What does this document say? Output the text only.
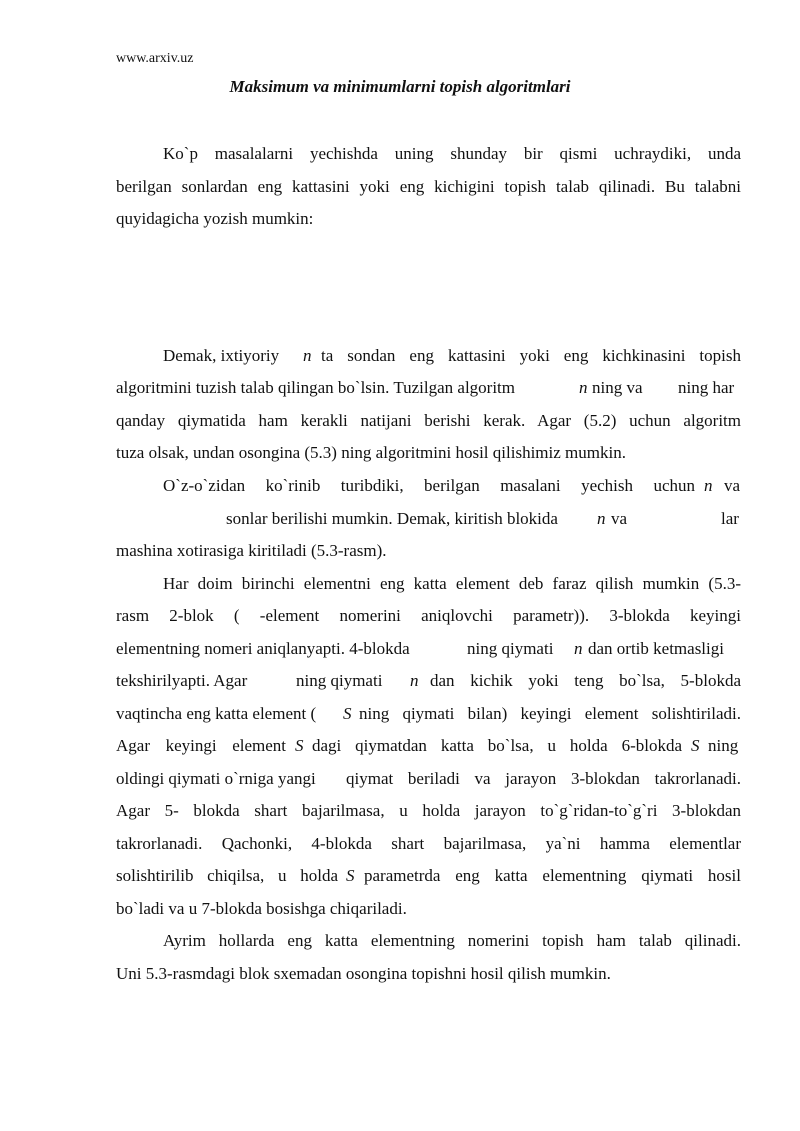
www.arxiv.uz
Maksimum va minimumlarni topish algoritmlari
Ko`p masalalarni yechishda uning shunday bir qismi uchraydiki, unda
berilgan sonlardan eng kattasini yoki eng kichigini topish talab qilinadi. Bu talabni
quyidagicha yozish mumkin:
Demak, ixtiyoriy n ta sondan eng kattasini yoki eng kichkinasini topish
algoritmini tuzish talab qilingan bo`lsin. Tuzilgan algoritm	n ning va ning har
qanday qiymatida ham kerakli natijani berishi kerak. Agar (5.2) uchun algoritm
tuza olsak, undan osongina (5.3) ning algoritmini hosil qilishimiz mumkin.
O`z-o`zidan ko`rinib turibdiki, berilgan masalani yechish uchun n va
sonlar berilishi mumkin. Demak, kiritish blokida n va	lar
mashina xotirasiga kiritiladi (5.3-rasm).
Har doim birinchi elementni eng katta element deb faraz qilish mumkin (5.3-
rasm 2-blok ( -element nomerini aniqlovchi parametr)). 3-blokda keyingi
elementning nomeri aniqlanyapti. 4-blokda	ning qiymati n dan ortib ketmasligi
tekshirilyapti. Agar	ning qiymati n dan kichik yoki teng bo`lsa, 5-blokda
vaqtincha eng katta element ( S ning qiymati bilan) keyingi element solishtiriladi.
Agar keyingi element S dagi qiymatdan katta bo`lsa, u holda 6-blokda S ning
oldingi qiymati o`rniga yangi qiymat beriladi va jarayon 3-blokdan takrorlanadi.
Agar 5- blokda shart bajarilmasa, u holda jarayon to`g`ridan-to`g`ri 3-blokdan
takrorlanadi. Qachonki, 4-blokda shart bajarilmasa, ya`ni hamma elementlar
solishtirilib chiqilsa, u holda S parametrda eng katta elementning qiymati hosil
bo`ladi va u 7-blokda bosishga chiqariladi.
Ayrim hollarda eng katta elementning nomerini topish ham talab qilinadi.
Uni 5.3-rasmdagi blok sxemadan osongina topishni hosil qilish mumkin.
